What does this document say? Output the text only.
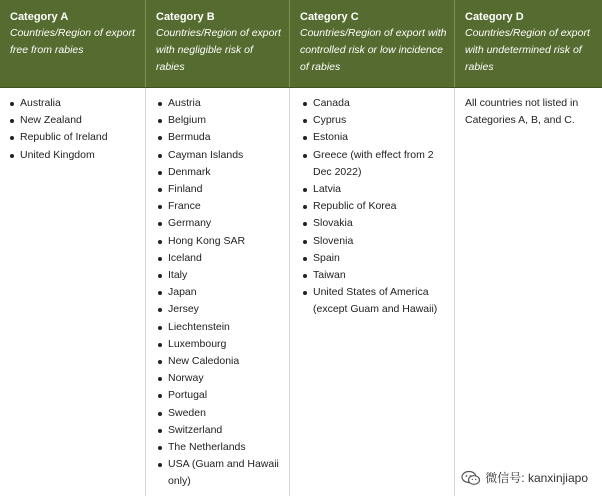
Category A
Countries/Region of export free from rabies
Category B
Countries/Region of export with negligible risk of rabies
Category C
Countries/Region of export with controlled risk or low incidence of rabies
Category D
Countries/Region of export with undetermined risk of rabies
Australia
New Zealand
Republic of Ireland
United Kingdom
Austria
Belgium
Bermuda
Cayman Islands
Denmark
Finland
France
Germany
Hong Kong SAR
Iceland
Italy
Japan
Jersey
Liechtenstein
Luxembourg
New Caledonia
Norway
Portugal
Sweden
Switzerland
The Netherlands
USA (Guam and Hawaii only)
Canada
Cyprus
Estonia
Greece (with effect from 2 Dec 2022)
Latvia
Republic of Korea
Slovakia
Slovenia
Spain
Taiwan
United States of America (except Guam and Hawaii)
All countries not listed in Categories A, B, and C.
微信号: kanxinjiapo
